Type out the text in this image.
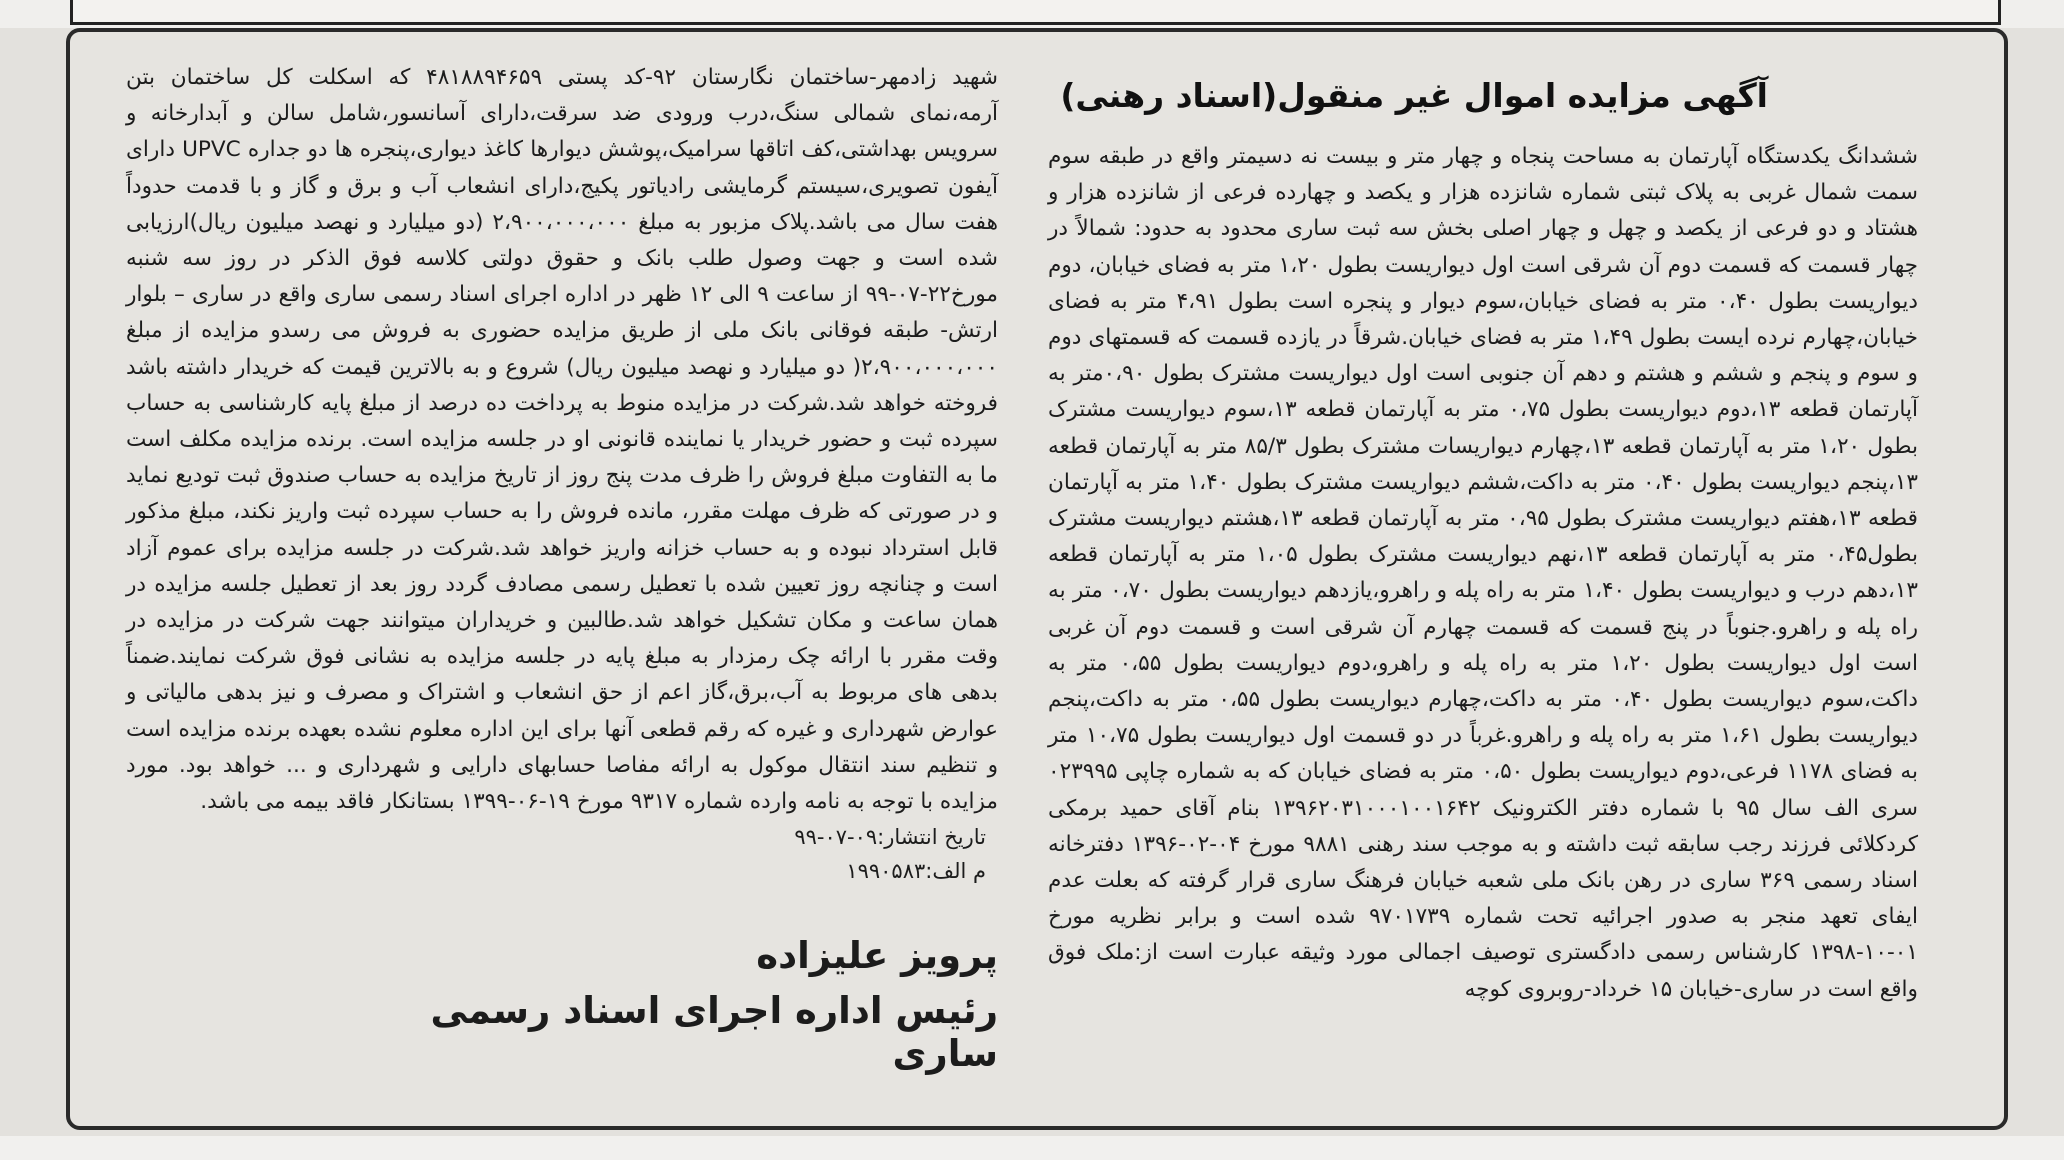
آگهی مزایده اموال غیر منقول(اسناد رهنی)

ششدانگ یکدستگاه آپارتمان به مساحت پنجاه و چهار متر و بیست نه دسیمتر واقع در طبقه سوم سمت شمال غربی به پلاک ثبتی شماره شانزده هزار و یکصد و چهارده فرعی از شانزده هزار و هشتاد و دو فرعی از یکصد و چهل و چهار اصلی بخش سه ثبت ساری محدود به حدود: شمالاً در چهار قسمت که قسمت دوم آن شرقی است اول دیواریست بطول ۱،۲۰ متر به فضای خیابان، دوم دیواریست بطول ۰،۴۰ متر به فضای خیابان،سوم دیوار و پنجره است بطول ۴،۹۱ متر به فضای خیابان،چهارم نرده ایست بطول ۱،۴۹ متر به فضای خیابان.شرقاً در یازده قسمت که قسمتهای دوم و سوم و پنجم و ششم و هشتم و دهم آن جنوبی است اول دیواریست مشترک بطول ۰،۹۰متر به آپارتمان قطعه ۱۳،دوم دیواریست بطول ۰،۷۵ متر به آپارتمان قطعه ۱۳،سوم دیواریست مشترک بطول ۱،۲۰ متر به آپارتمان قطعه ۱۳،چهارم دیواریسات مشترک بطول ۸۵/۳ متر به آپارتمان قطعه ۱۳،پنجم دیواریست بطول ۰،۴۰ متر به داکت،ششم دیواریست مشترک بطول ۱،۴۰ متر به آپارتمان قطعه ۱۳،هفتم دیواریست مشترک بطول ۰،۹۵ متر به آپارتمان قطعه ۱۳،هشتم دیواریست مشترک بطول۰،۴۵ متر به آپارتمان قطعه ۱۳،نهم دیواریست مشترک بطول ۱،۰۵ متر به آپارتمان قطعه ۱۳،دهم درب و دیواریست بطول ۱،۴۰ متر به راه پله و راهرو،یازدهم دیواریست بطول ۰،۷۰ متر به راه پله و راهرو.جنوباً در پنج قسمت که قسمت چهارم آن شرقی است و قسمت دوم آن غربی است اول دیواریست بطول ۱،۲۰ متر به راه پله و راهرو،دوم دیواریست بطول ۰،۵۵ متر به داکت،سوم دیواریست بطول ۰،۴۰ متر به داکت،چهارم دیواریست بطول ۰،۵۵ متر به داکت،پنجم دیواریست بطول ۱،۶۱ متر به راه پله و راهرو.غرباً در دو قسمت اول دیواریست بطول ۱۰،۷۵ متر به فضای ۱۱۷۸ فرعی،دوم دیواریست بطول ۰،۵۰ متر به فضای خیابان که به شماره چاپی ۰۲۳۹۹۵ سری الف سال ۹۵ با شماره دفتر الکترونیک ۱۳۹۶۲۰۳۱۰۰۰۱۰۰۱۶۴۲ بنام آقای حمید برمکی کردکلائی فرزند رجب سابقه ثبت داشته و به موجب سند رهنی ۹۸۸۱ مورخ ۰۴-۰۲-۱۳۹۶ دفترخانه اسناد رسمی ۳۶۹ ساری در رهن بانک ملی شعبه خیابان فرهنگ ساری قرار گرفته که بعلت عدم ایفای تعهد منجر به صدور اجرائیه تحت شماره ۹۷۰۱۷۳۹ شده است و برابر نظریه مورخ ۰۱-۱۰-۱۳۹۸ کارشناس رسمی دادگستری توصیف اجمالی مورد وثیقه عبارت است از:ملک فوق واقع است در ساری-خیابان ۱۵ خرداد-روبروی کوچه

شهید زادمهر-ساختمان نگارستان ۹۲-کد پستی ۴۸۱۸۸۹۴۶۵۹ که اسکلت کل ساختمان بتن آرمه،نمای شمالی سنگ،درب ورودی ضد سرقت،دارای آسانسور،شامل سالن و آبدارخانه و سرویس بهداشتی،کف اتاقها سرامیک،پوشش دیوارها کاغذ دیواری،پنجره ها دو جداره UPVC دارای آیفون تصویری،سیستم گرمایشی رادیاتور پکیج،دارای انشعاب آب و برق و گاز و با قدمت حدوداً هفت سال می باشد.پلاک مزبور به مبلغ ۲،۹۰۰،۰۰۰،۰۰۰ (دو میلیارد و نهصد میلیون ریال)ارزیابی شده است و جهت وصول طلب بانک و حقوق دولتی کلاسه فوق الذکر در روز سه شنبه مورخ۲۲-۰۷-۹۹ از ساعت ۹ الی ۱۲ ظهر در اداره اجرای اسناد رسمی ساری واقع در ساری – بلوار ارتش- طبقه فوقانی بانک ملی از طریق مزایده حضوری به فروش می رسدو مزایده از مبلغ ۲،۹۰۰،۰۰۰،۰۰۰( دو میلیارد و نهصد میلیون ریال) شروع و به بالاترین قیمت که خریدار داشته باشد فروخته خواهد شد.شرکت در مزایده منوط به پرداخت ده درصد از مبلغ پایه کارشناسی به حساب سپرده ثبت و حضور خریدار یا نماینده قانونی او در جلسه مزایده است. برنده مزایده مکلف است ما به التفاوت مبلغ فروش را ظرف مدت پنج روز از تاریخ مزایده به حساب صندوق ثبت تودیع نماید و در صورتی که ظرف مهلت مقرر، مانده فروش را به حساب سپرده ثبت واریز نکند، مبلغ مذکور قابل استرداد نبوده و به حساب خزانه واریز خواهد شد.شرکت در جلسه مزایده برای عموم آزاد است و چنانچه روز تعیین شده با تعطیل رسمی مصادف گردد روز بعد از تعطیل جلسه مزایده در همان ساعت و مکان تشکیل خواهد شد.طالبین و خریداران میتوانند جهت شرکت در مزایده در وقت مقرر با ارائه چک رمزدار به مبلغ پایه در جلسه مزایده به نشانی فوق شرکت نمایند.ضمناً بدهی های مربوط به آب،برق،گاز اعم از حق انشعاب و اشتراک و مصرف و نیز بدهی مالیاتی و عوارض شهرداری و غیره که رقم قطعی آنها برای این اداره معلوم نشده بعهده برنده مزایده است و تنظیم سند انتقال موکول به ارائه مفاصا حسابهای دارایی و شهرداری و ... خواهد بود. مورد مزایده با توجه به نامه وارده شماره ۹۳۱۷ مورخ ۱۹-۰۶-۱۳۹۹ بستانکار فاقد بیمه می باشد.

تاریخ انتشار:۰۹-۰۷-۹۹

م الف:۱۹۹۰۵۸۳

پرویز علیزاده
رئیس اداره اجرای اسناد رسمی ساری
